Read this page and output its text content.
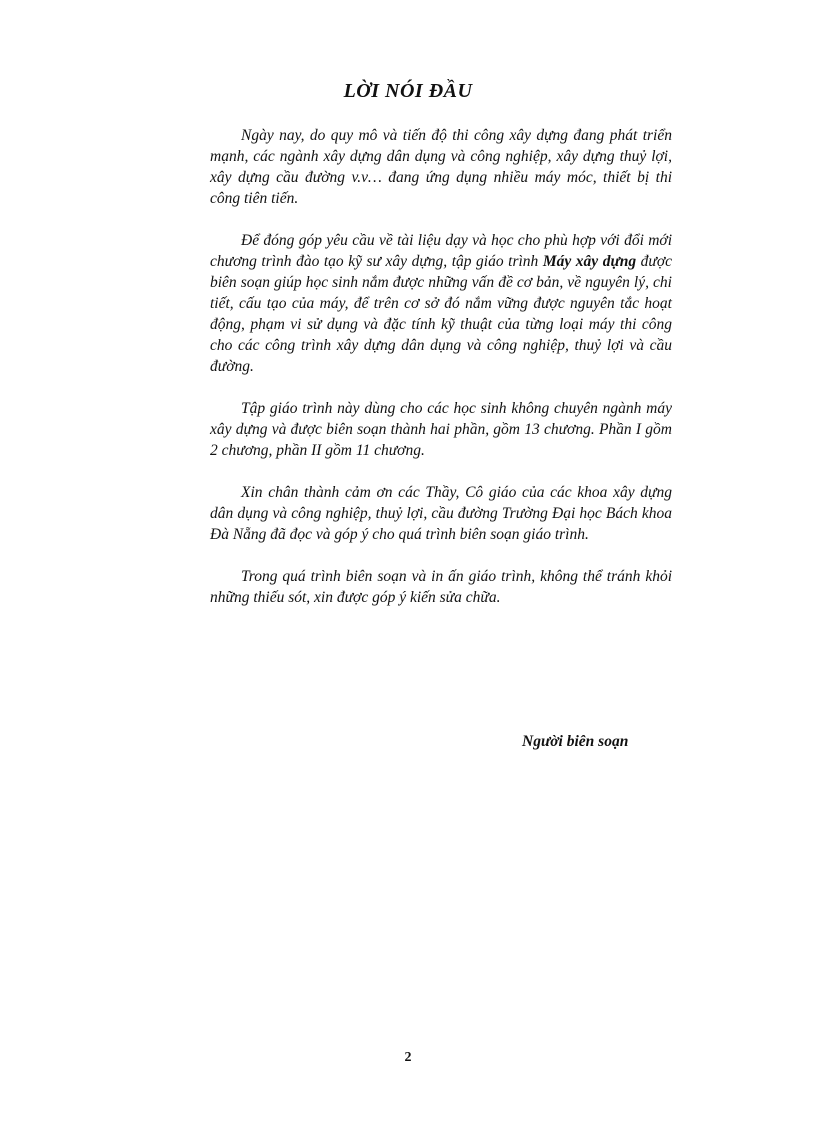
LỜI NÓI ĐẦU

Ngày nay, do quy mô và tiến độ thi công xây dựng đang phát triển mạnh, các ngành xây dựng dân dụng và công nghiệp, xây dựng thuỷ lợi, xây dựng cầu đường v.v… đang ứng dụng nhiều máy móc, thiết bị thi công tiên tiến.

Để đóng góp yêu cầu về tài liệu dạy và học cho phù hợp với đổi mới chương trình đào tạo kỹ sư xây dựng, tập giáo trình Máy xây dựng được biên soạn giúp học sinh nắm được những vấn đề cơ bản, về nguyên lý, chi tiết, cấu tạo của máy, để trên cơ sở đó nắm vững được nguyên tắc hoạt động, phạm vi sử dụng và đặc tính kỹ thuật của từng loại máy thi công cho các công trình xây dựng dân dụng và công nghiệp, thuỷ lợi và cầu đường.

Tập giáo trình này dùng cho các học sinh không chuyên ngành máy xây dựng và được biên soạn thành hai phần, gồm 13 chương. Phần I gồm 2 chương, phần II gồm 11 chương.

Xin chân thành cảm ơn các Thầy, Cô giáo của các khoa xây dựng dân dụng và công nghiệp, thuỷ lợi, cầu đường Trường Đại học Bách khoa Đà Nẵng đã đọc và góp ý cho quá trình biên soạn giáo trình.

Trong quá trình biên soạn và in ấn giáo trình, không thể tránh khỏi những thiếu sót, xin được góp ý kiến sửa chữa.

Người biên soạn
2
